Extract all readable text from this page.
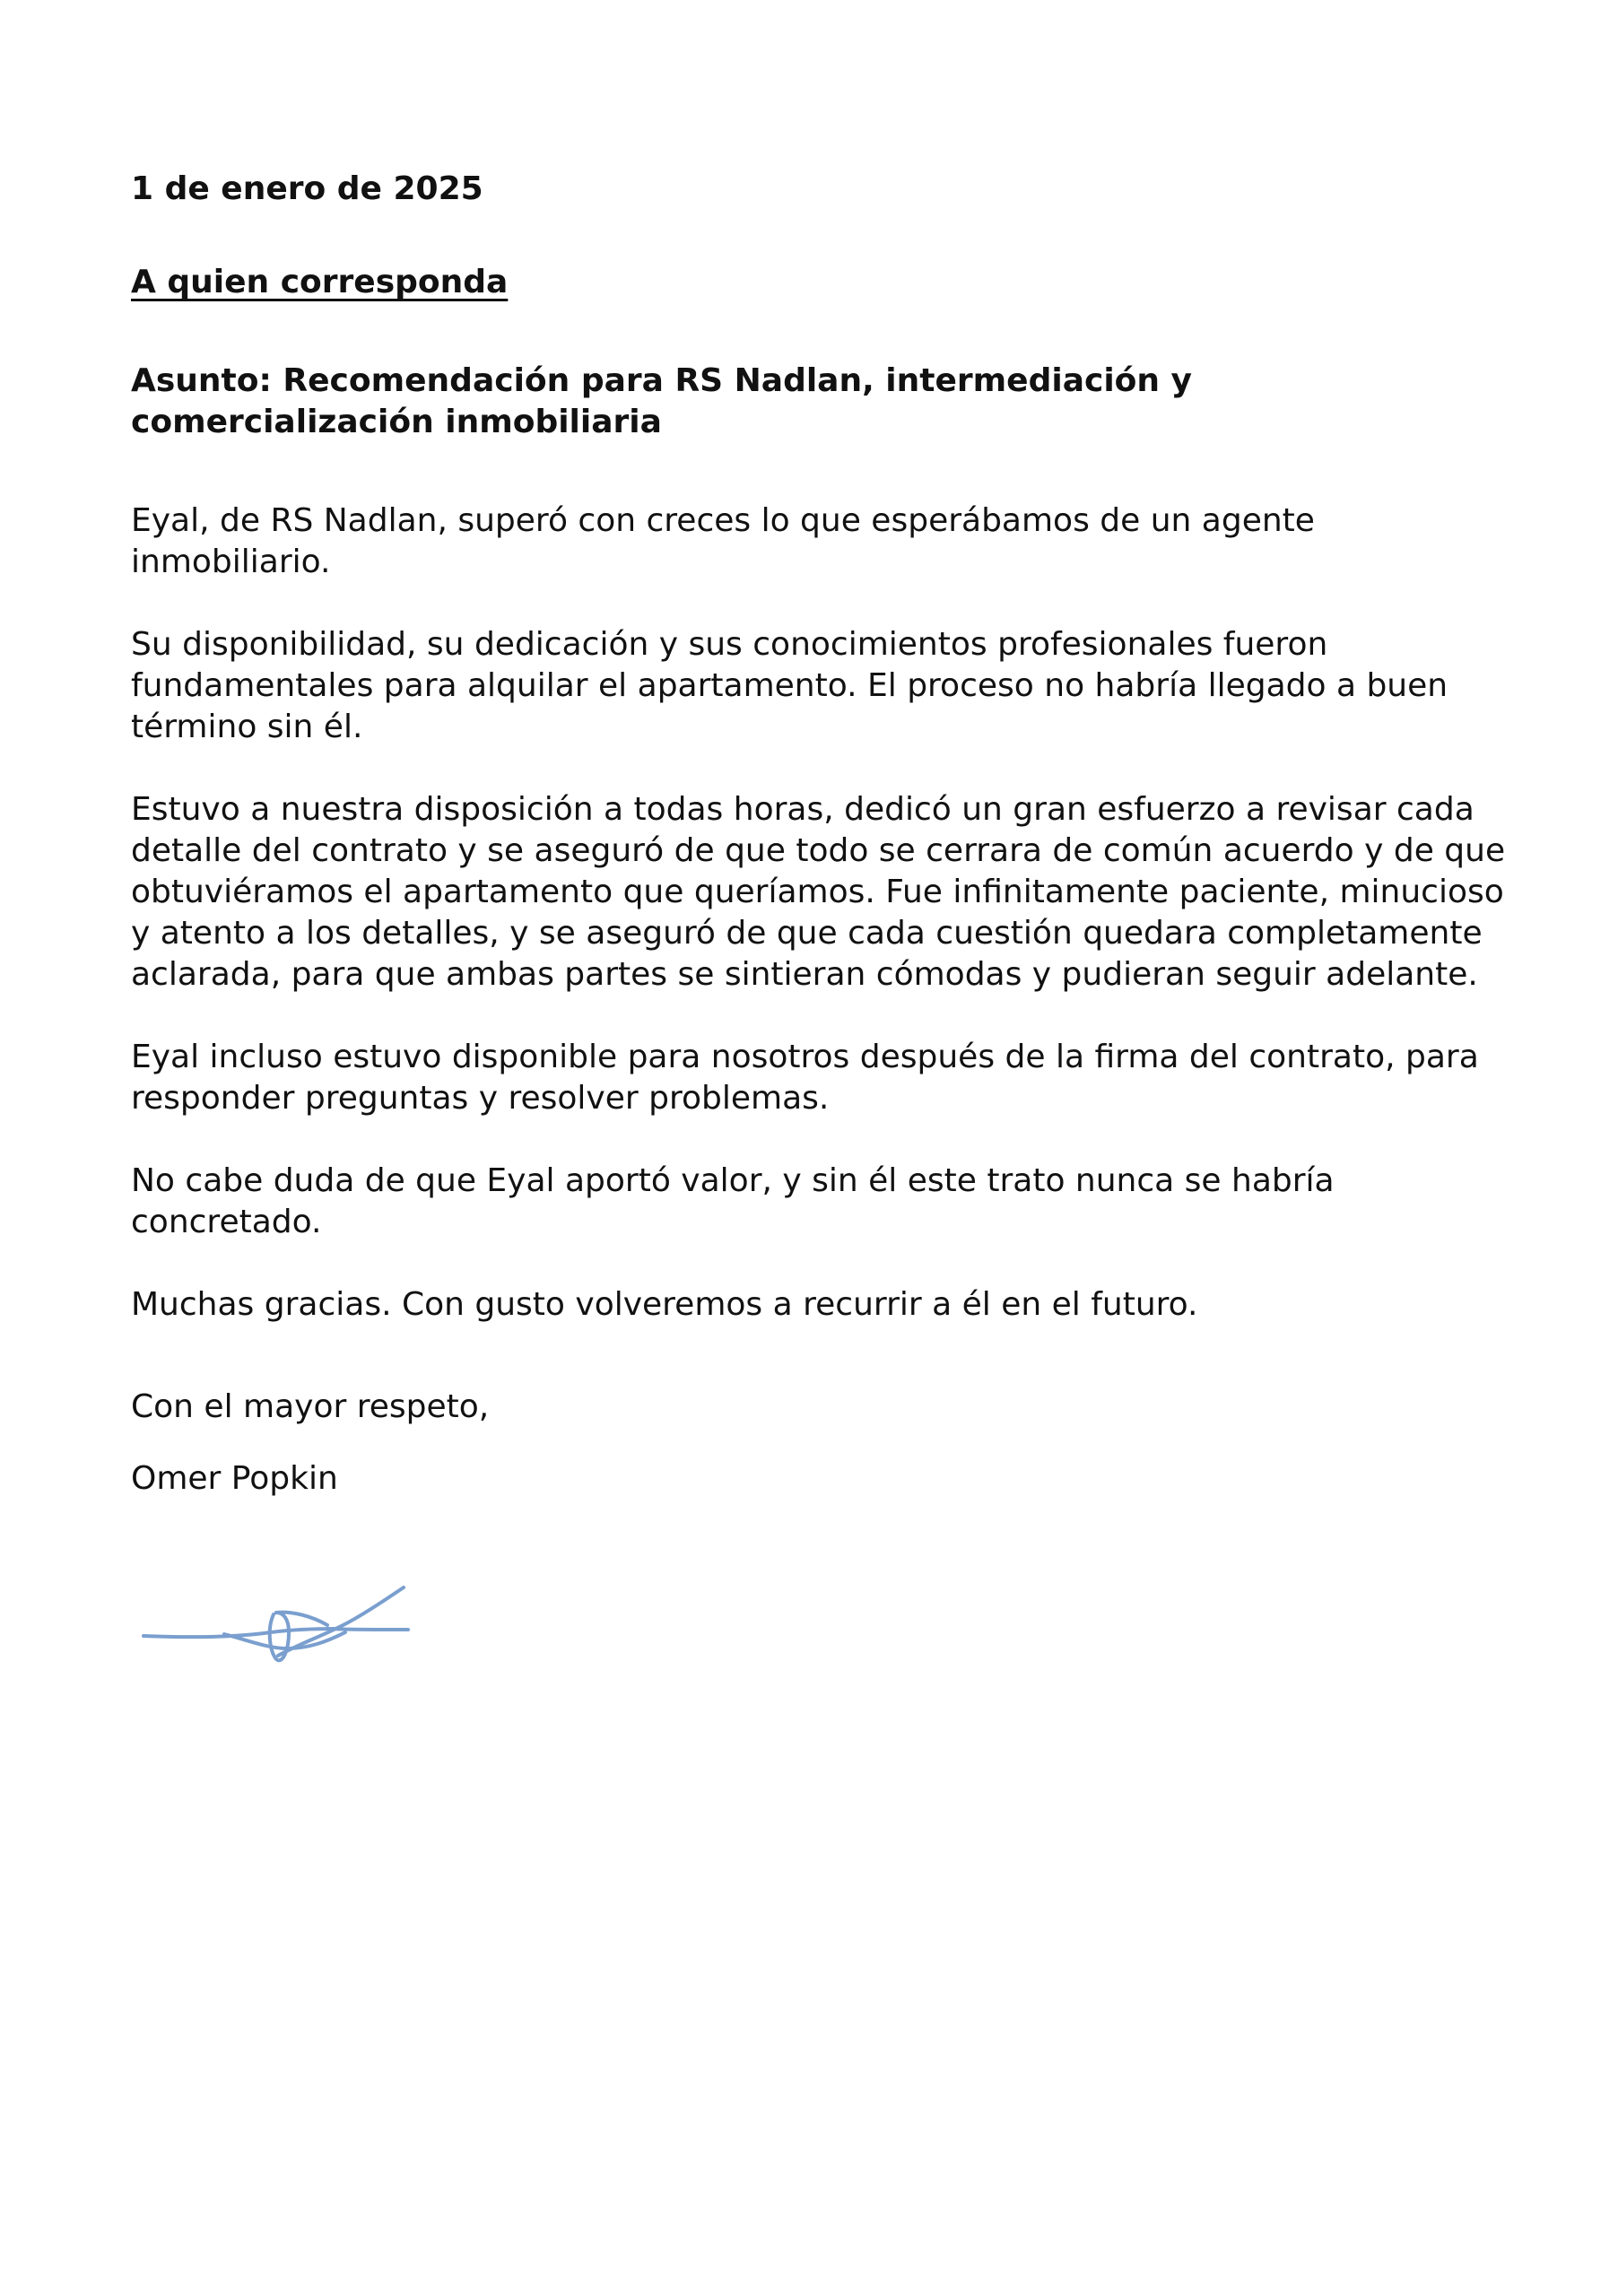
1 de enero de 2025

A quien corresponda

Asunto: Recomendación para RS Nadlan, intermediación y comercialización inmobiliaria

Eyal, de RS Nadlan, superó con creces lo que esperábamos de un agente inmobiliario.

Su disponibilidad, su dedicación y sus conocimientos profesionales fueron fundamentales para alquilar el apartamento. El proceso no habría llegado a buen término sin él.

Estuvo a nuestra disposición a todas horas, dedicó un gran esfuerzo a revisar cada detalle del contrato y se aseguró de que todo se cerrara de común acuerdo y de que obtuviéramos el apartamento que queríamos. Fue infinitamente paciente, minucioso y atento a los detalles, y se aseguró de que cada cuestión quedara completamente aclarada, para que ambas partes se sintieran cómodas y pudieran seguir adelante.

Eyal incluso estuvo disponible para nosotros después de la firma del contrato, para responder preguntas y resolver problemas.

No cabe duda de que Eyal aportó valor, y sin él este trato nunca se habría concretado.

Muchas gracias. Con gusto volveremos a recurrir a él en el futuro.

Con el mayor respeto,

Omer Popkin
